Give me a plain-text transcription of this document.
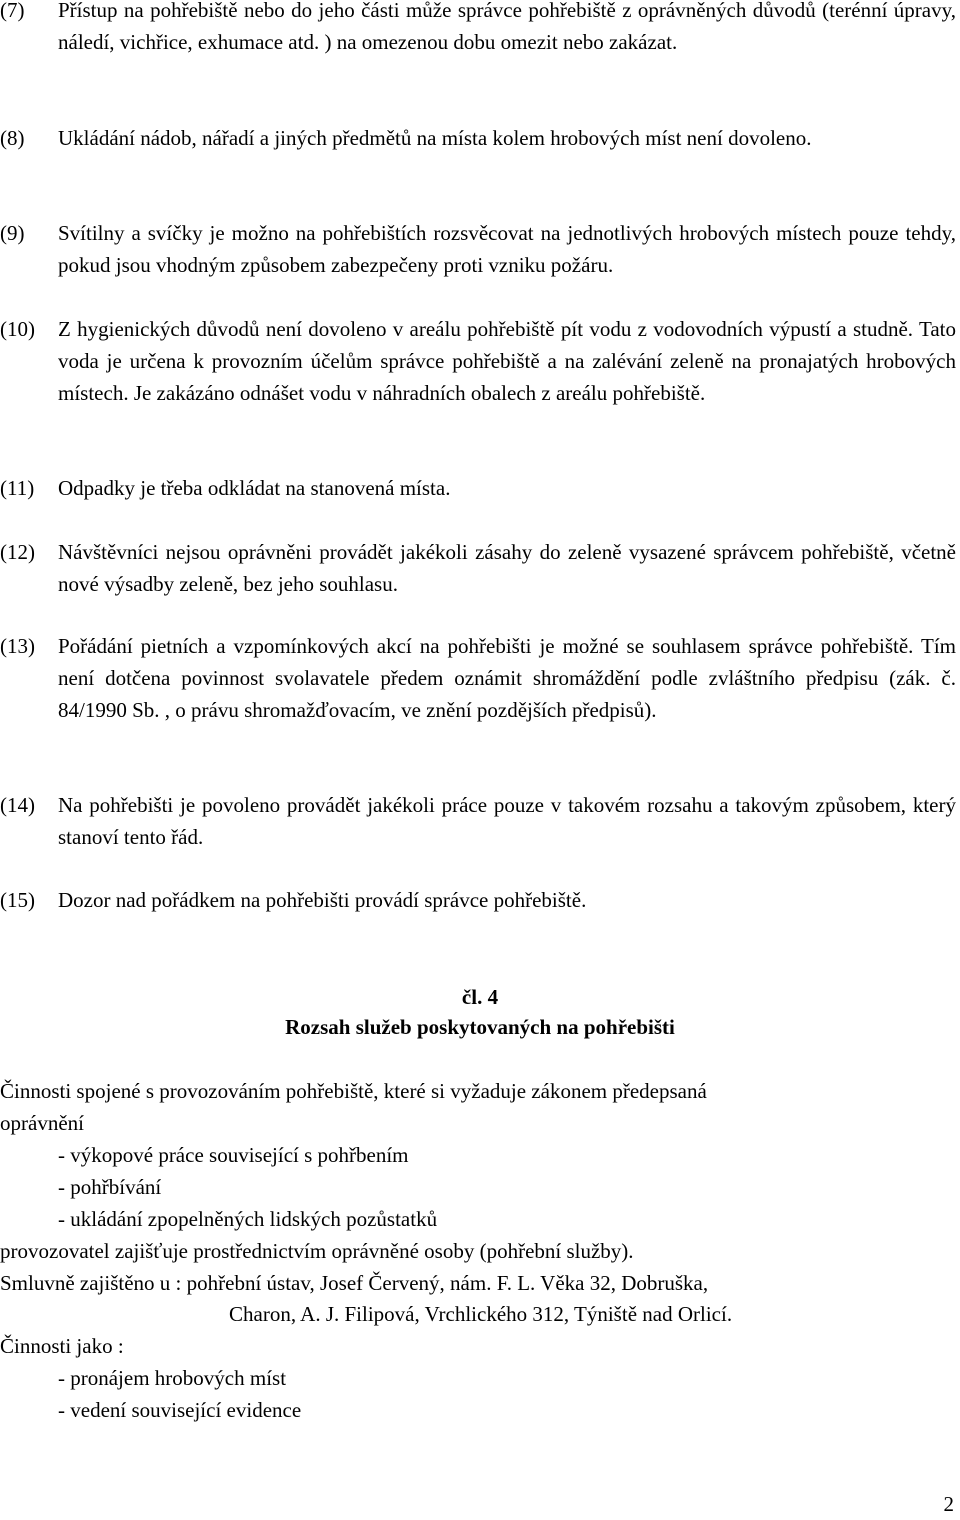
(7)	Přístup na pohřebiště nebo do jeho části může správce pohřebiště z oprávněných důvodů (terénní úpravy, náledí, vichřice, exhumace atd. ) na omezenou dobu omezit nebo zakázat.
(8)	Ukládání nádob, nářadí a jiných předmětů na místa kolem hrobových míst není dovoleno.
(9)	Svítilny a svíčky je možno na pohřebištích rozsvěcovat na jednotlivých hrobových místech pouze tehdy, pokud jsou vhodným způsobem zabezpečeny proti vzniku požáru.
(10)	Z hygienických důvodů není dovoleno v areálu pohřebiště pít vodu z vodovodních výpustí a studně. Tato voda je určena k provozním účelům správce pohřebiště a na zalévání zeleně na pronajatých hrobových místech. Je zakázáno odnášet vodu v náhradních obalech z areálu pohřebiště.
(11)	Odpadky je třeba odkládat na stanovená místa.
(12)	Návštěvníci nejsou oprávněni provádět jakékoli zásahy do zeleně vysazené správcem pohřebiště, včetně nové výsadby zeleně, bez jeho souhlasu.
(13)	Pořádání pietních a vzpomínkových akcí na pohřebišti je možné se souhlasem správce pohřebiště. Tím není dotčena povinnost svolavatele předem oznámit shromáždění podle zvláštního předpisu (zák. č. 84/1990 Sb. , o právu shromažďovacím, ve znění pozdějších předpisů).
(14)	Na pohřebišti je povoleno provádět jakékoli práce pouze v takovém rozsahu a takovým způsobem, který stanoví tento řád.
(15)	Dozor nad pořádkem na pohřebišti provádí správce pohřebiště.
čl. 4
Rozsah služeb poskytovaných na pohřebišti
Činnosti spojené s provozováním pohřebiště, které si vyžaduje zákonem předepsaná
oprávnění
- výkopové práce související s pohřbením
- pohřbívání
- ukládání zpopelněných lidských pozůstatků
provozovatel zajišťuje prostřednictvím oprávněné osoby (pohřební služby).
Smluvně zajištěno u : pohřební ústav, Josef Červený, nám. F. L. Věka 32, Dobruška,
Charon, A. J. Filipová, Vrchlického 312, Týniště nad Orlicí.
Činnosti jako :
- pronájem hrobových míst
- vedení související evidence
2
